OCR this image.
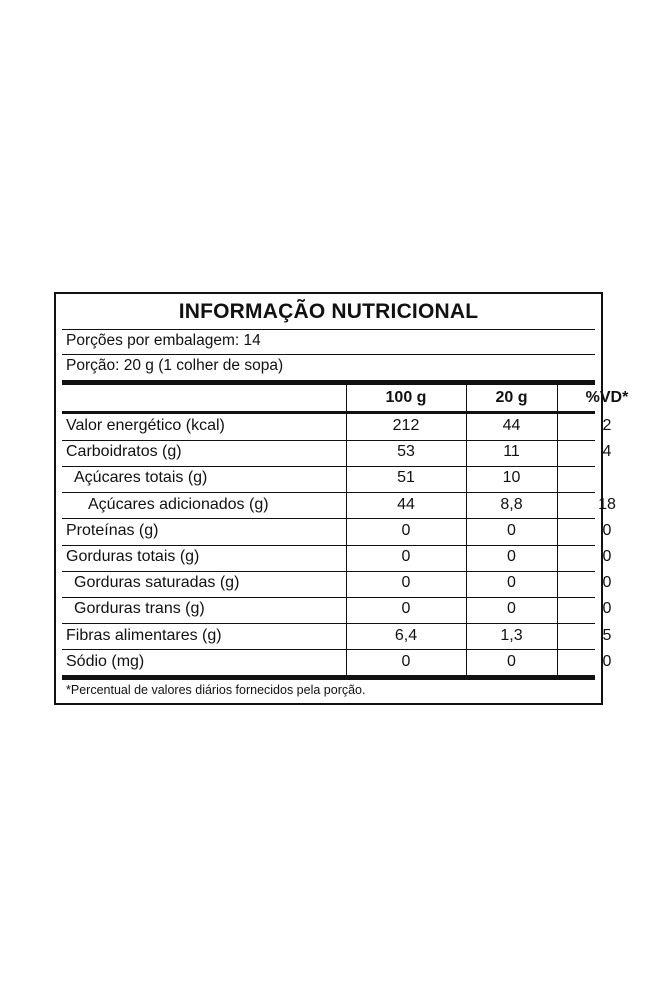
INFORMAÇÃO NUTRICIONAL
Porções por embalagem: 14
Porção: 20 g (1 colher de sopa)
100 g	20 g	%VD*
Valor energético (kcal)	212	44	2
Carboidratos (g)	53	11	4
Açúcares totais (g)	51	10
Açúcares adicionados (g)	44	8,8	18
Proteínas (g)	0	0	0
Gorduras totais (g)	0	0	0
Gorduras saturadas (g)	0	0	0
Gorduras trans (g)	0	0	0
Fibras alimentares (g)	6,4	1,3	5
Sódio (mg)	0	0	0
*Percentual de valores diários fornecidos pela porção.
